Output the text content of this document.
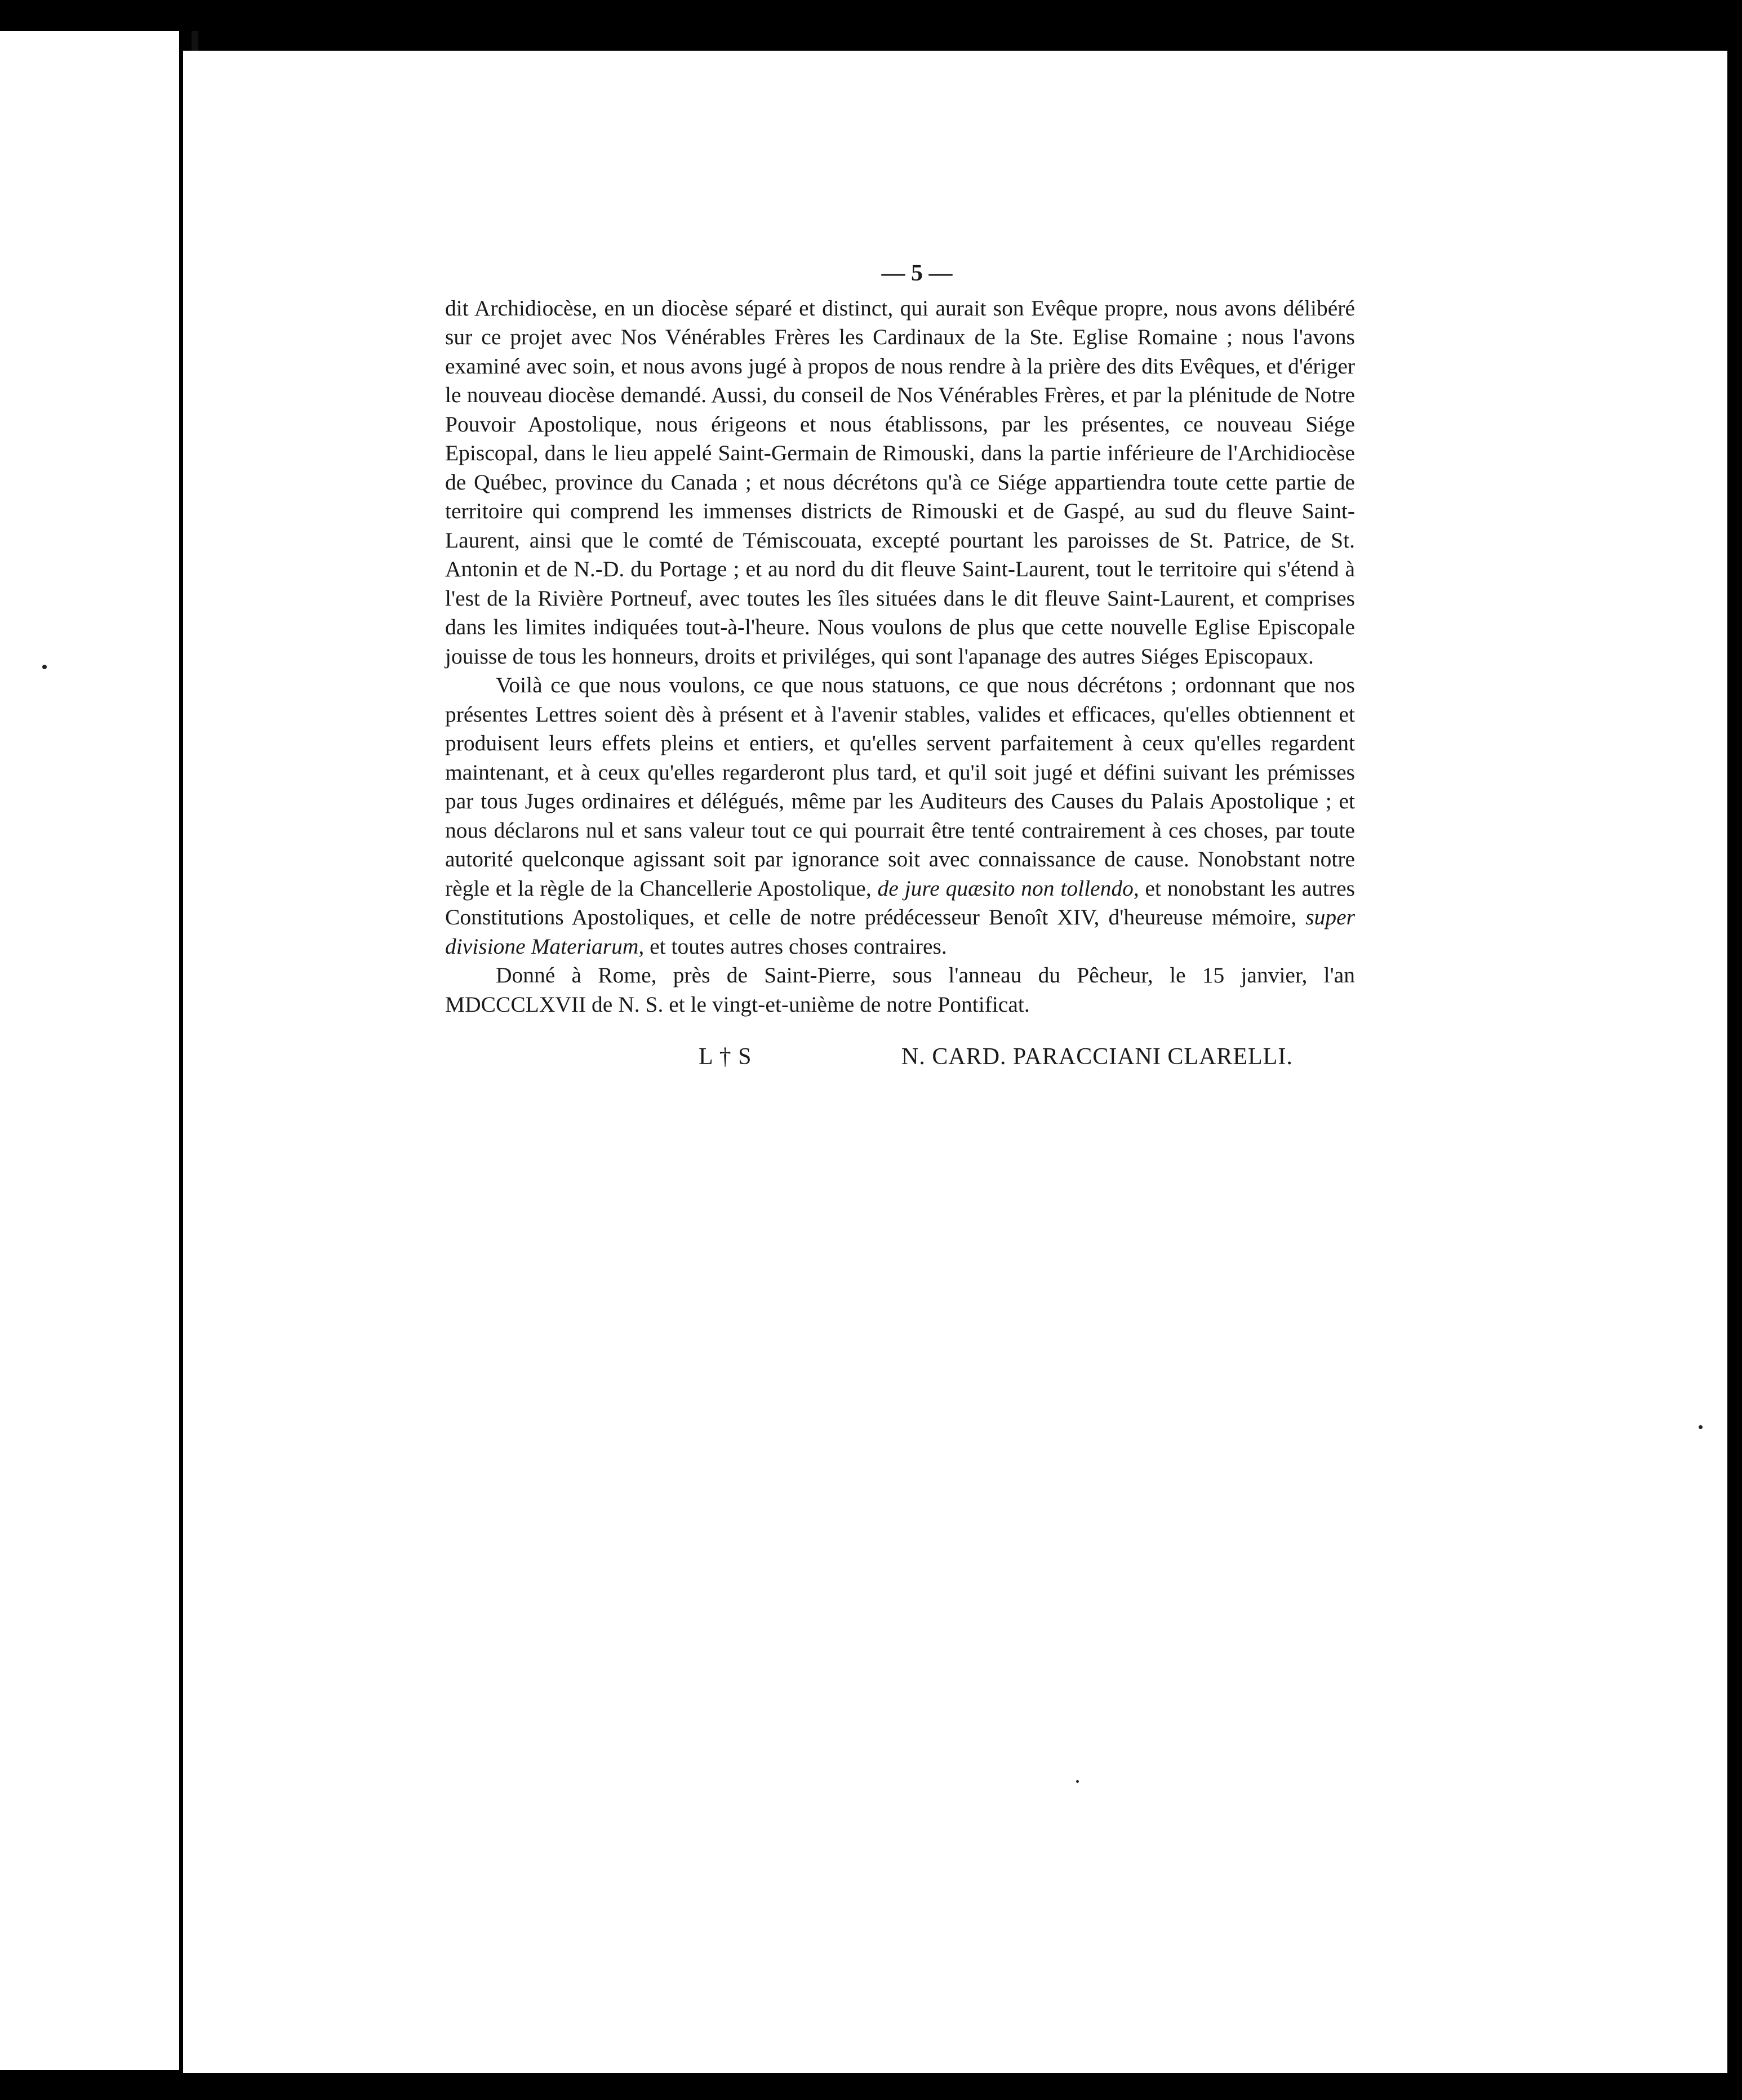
— 5 —

dit Archidiocèse, en un diocèse séparé et distinct, qui aurait son Evêque propre, nous avons délibéré sur ce projet avec Nos Vénérables Frères les Cardinaux de la Ste. Eglise Romaine ; nous l'avons examiné avec soin, et nous avons jugé à propos de nous rendre à la prière des dits Evêques, et d'ériger le nouveau diocèse demandé. Aussi, du conseil de Nos Vénérables Frères, et par la plénitude de Notre Pouvoir Apostolique, nous érigeons et nous établissons, par les présentes, ce nouveau Siége Episcopal, dans le lieu appelé Saint-Germain de Rimouski, dans la partie inférieure de l'Archidiocèse de Québec, province du Canada ; et nous décrétons qu'à ce Siége appartiendra toute cette partie de territoire qui comprend les immenses districts de Rimouski et de Gaspé, au sud du fleuve Saint-Laurent, ainsi que le comté de Témiscouata, excepté pourtant les paroisses de St. Patrice, de St. Antonin et de N.-D. du Portage ; et au nord du dit fleuve Saint-Laurent, tout le territoire qui s'étend à l'est de la Rivière Portneuf, avec toutes les îles situées dans le dit fleuve Saint-Laurent, et comprises dans les limites indiquées tout-à-l'heure. Nous voulons de plus que cette nouvelle Eglise Episcopale jouisse de tous les honneurs, droits et priviléges, qui sont l'apanage des autres Siéges Episcopaux.

Voilà ce que nous voulons, ce que nous statuons, ce que nous décrétons ; ordonnant que nos présentes Lettres soient dès à présent et à l'avenir stables, valides et efficaces, qu'elles obtiennent et produisent leurs effets pleins et entiers, et qu'elles servent parfaitement à ceux qu'elles regardent maintenant, et à ceux qu'elles regarderont plus tard, et qu'il soit jugé et défini suivant les prémisses par tous Juges ordinaires et délégués, même par les Auditeurs des Causes du Palais Apostolique ; et nous déclarons nul et sans valeur tout ce qui pourrait être tenté contrairement à ces choses, par toute autorité quelconque agissant soit par ignorance soit avec connaissance de cause. Nonobstant notre règle et la règle de la Chancellerie Apostolique, de jure quæsito non tollendo, et nonobstant les autres Constitutions Apostoliques, et celle de notre prédécesseur Benoît XIV, d'heureuse mémoire, super divisione Materiarum, et toutes autres choses contraires.

Donné à Rome, près de Saint-Pierre, sous l'anneau du Pêcheur, le 15 janvier, l'an MDCCCLXVII de N. S. et le vingt-et-unième de notre Pontificat.

L † S	N. CARD. PARACCIANI CLARELLI.
